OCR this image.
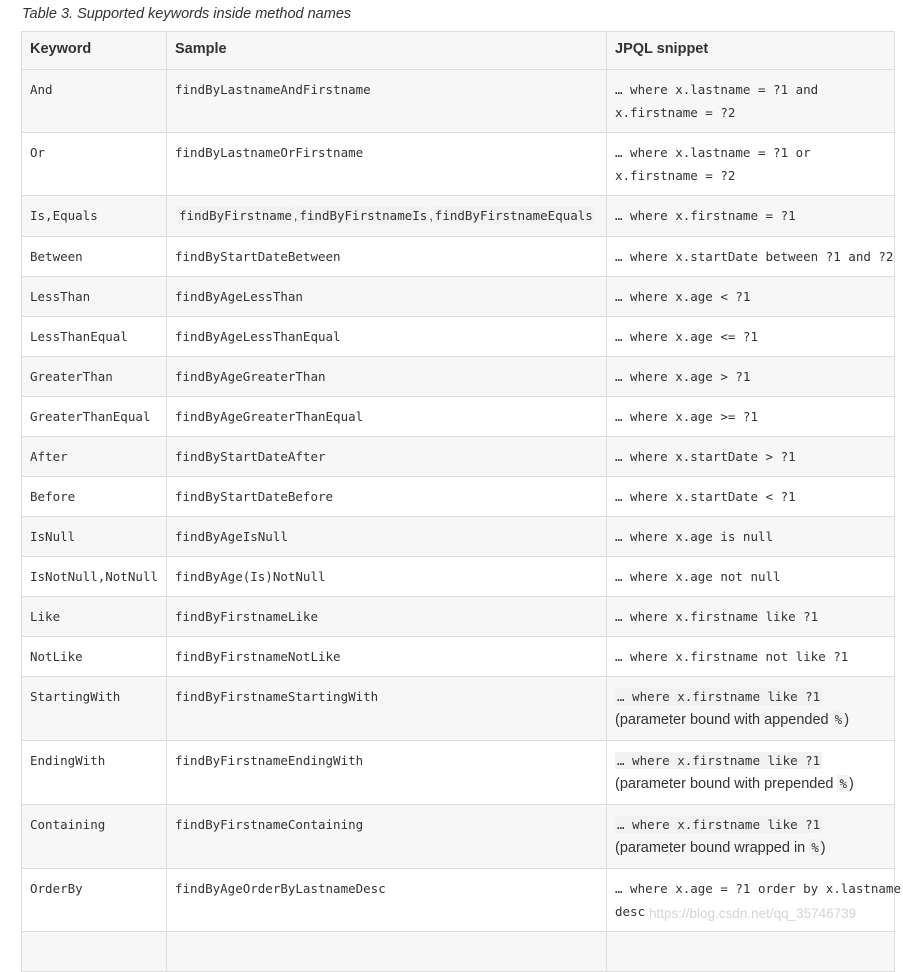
Table 3. Supported keywords inside method names
Keyword	Sample	JPQL snippet
And	findByLastnameAndFirstname	… where x.lastname = ?1 and
x.firstname = ?2
Or	findByLastnameOrFirstname	… where x.lastname = ?1 or
x.firstname = ?2
Is,Equals	findByFirstname , findByFirstnameIs , findByFirstnameEquals	… where x.firstname = ?1
Between	findByStartDateBetween	… where x.startDate between ?1 and ?2
LessThan	findByAgeLessThan	… where x.age < ?1
LessThanEqual	findByAgeLessThanEqual	… where x.age <= ?1
GreaterThan	findByAgeGreaterThan	… where x.age > ?1
GreaterThanEqual	findByAgeGreaterThanEqual	… where x.age >= ?1
After	findByStartDateAfter	… where x.startDate > ?1
Before	findByStartDateBefore	… where x.startDate < ?1
IsNull	findByAgeIsNull	… where x.age is null
IsNotNull,NotNull	findByAge(Is)NotNull	… where x.age not null
Like	findByFirstnameLike	… where x.firstname like ?1
NotLike	findByFirstnameNotLike	… where x.firstname not like ?1
StartingWith	findByFirstnameStartingWith	… where x.firstname like ?1
(parameter bound with appended % )
EndingWith	findByFirstnameEndingWith	… where x.firstname like ?1
(parameter bound with prepended % )
Containing	findByFirstnameContaining	… where x.firstname like ?1
(parameter bound wrapped in % )
OrderBy	findByAgeOrderByLastnameDesc	… where x.age = ?1 order by x.lastname
desc
		https://blog.csdn.net/qq_35746739
